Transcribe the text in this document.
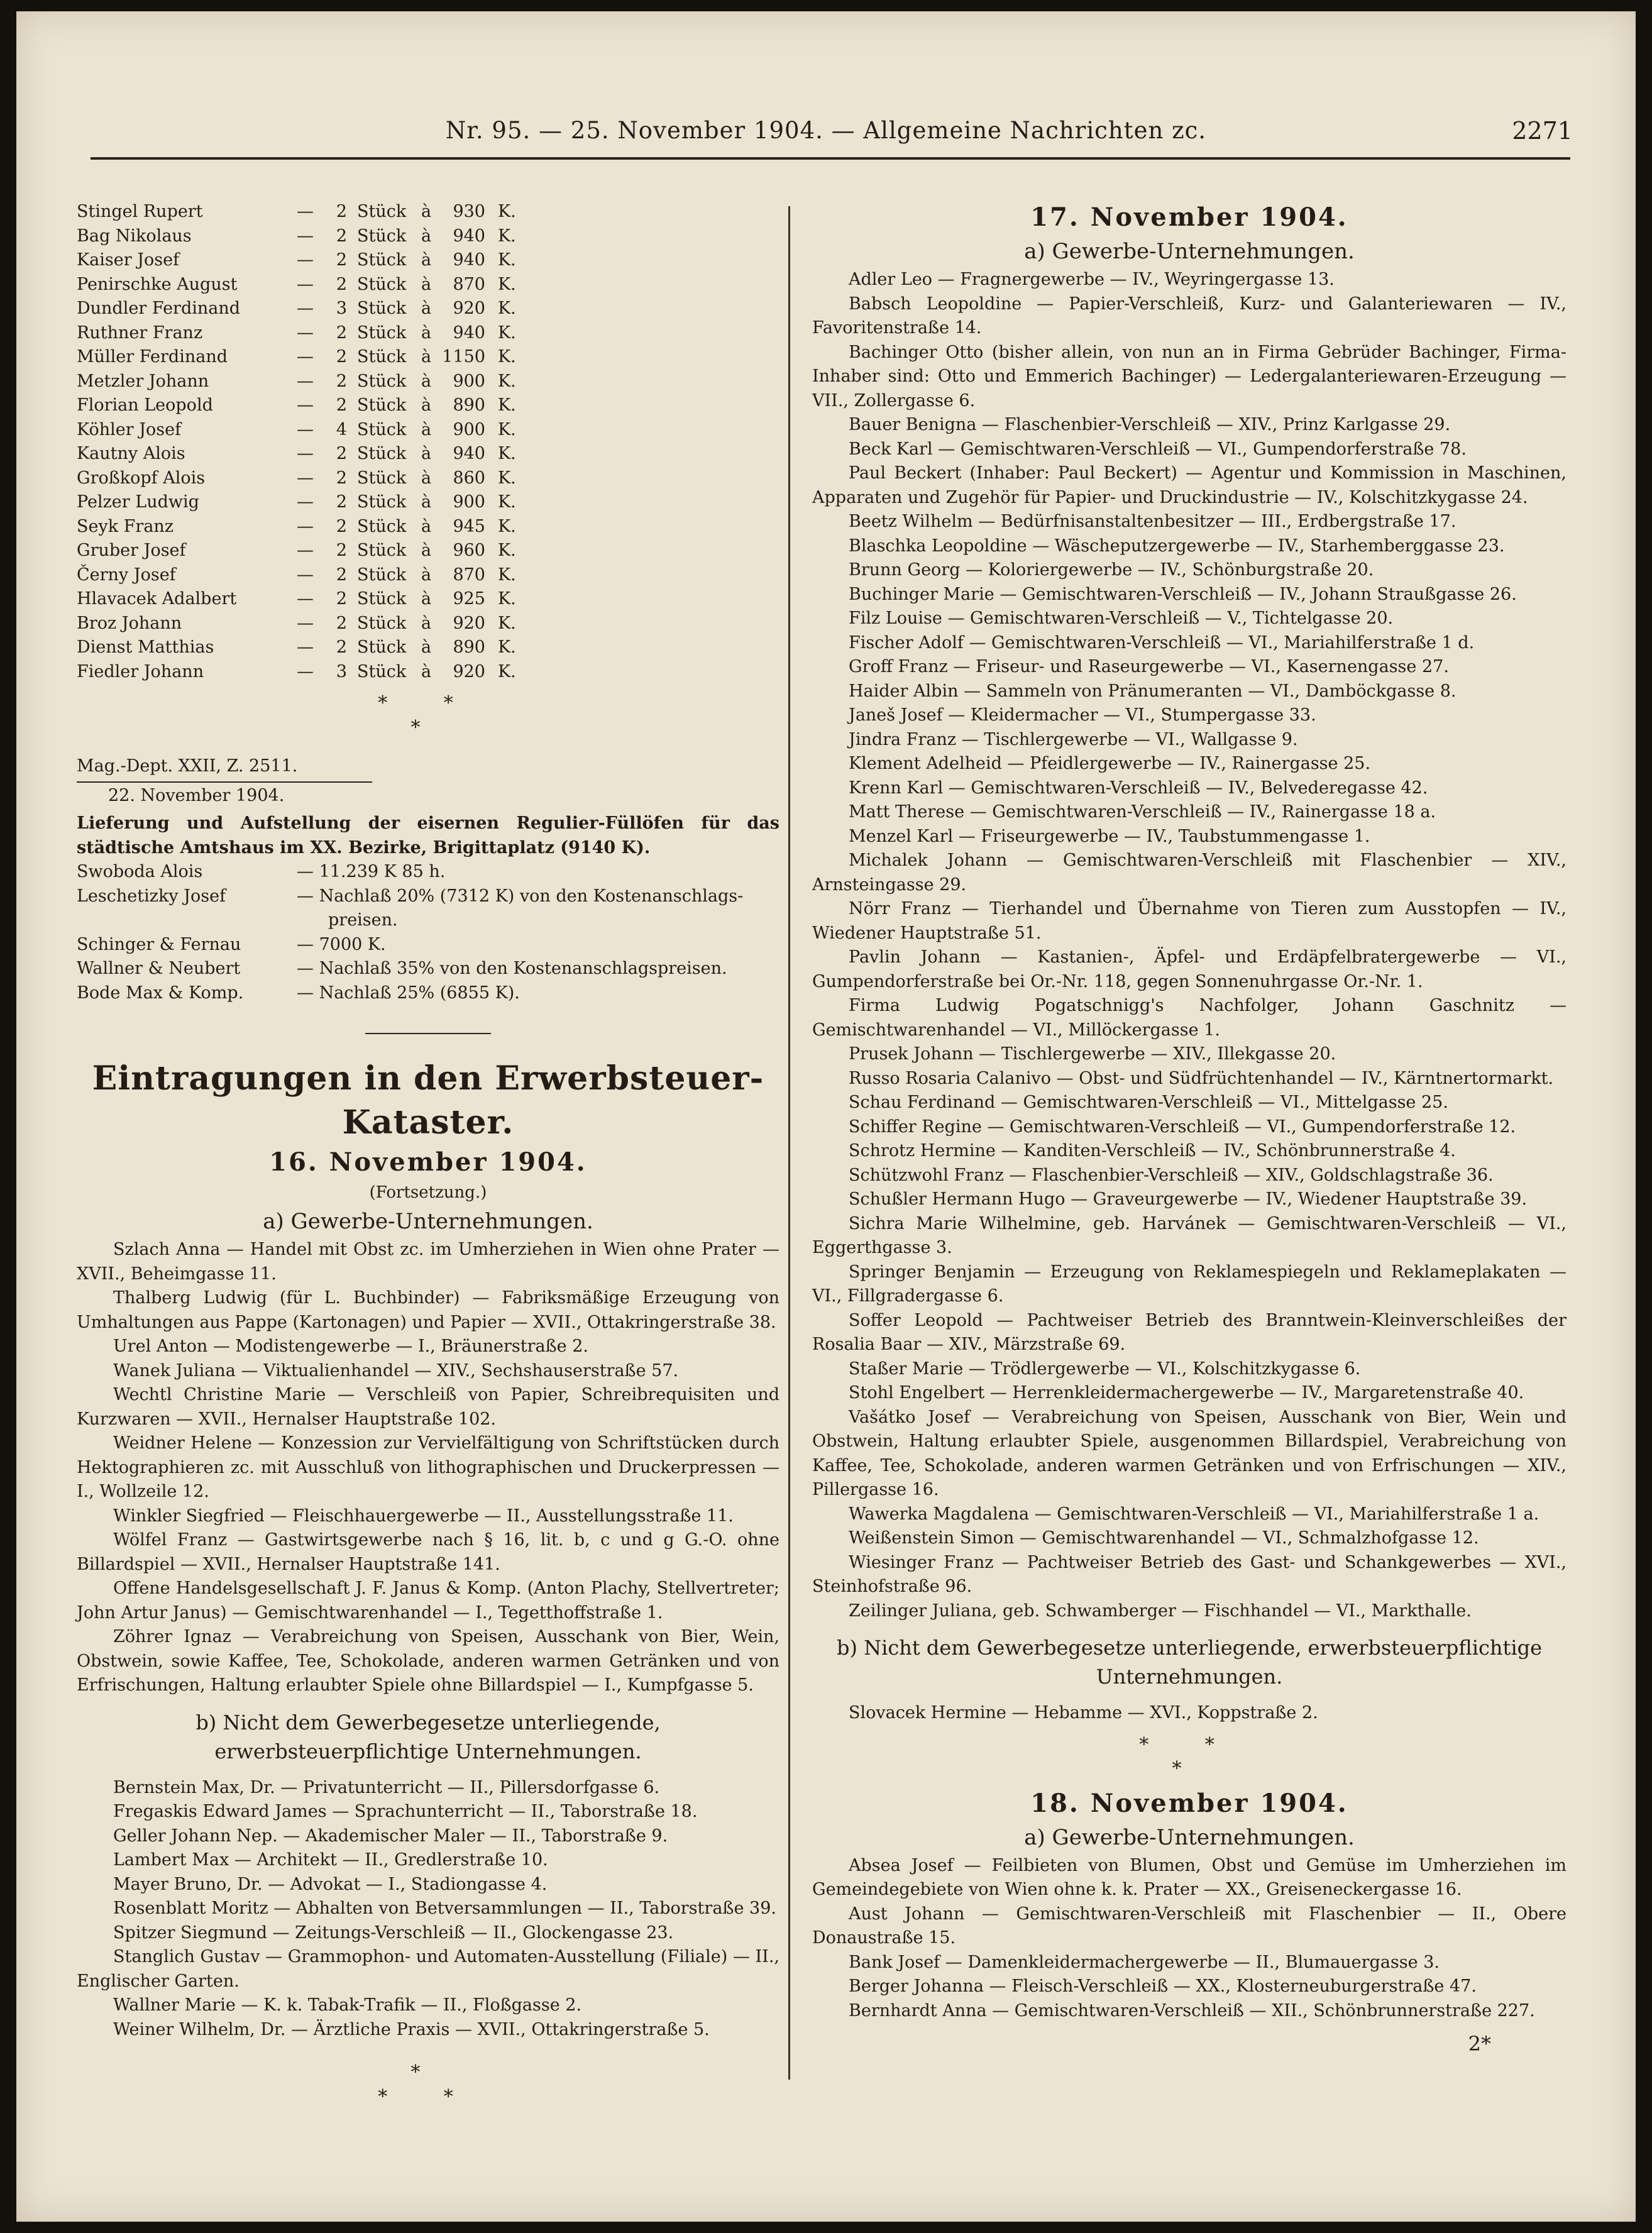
Nr. 95. — 25. November 1904. — Allgemeine Nachrichten zc.	2271
Stingel Rupert	—	2 Stück à	930 K.
Bag Nikolaus	—	2 Stück à	940 K.
Kaiser Josef	—	2 Stück à	940 K.
Penirschke August	—	2 Stück à	870 K.
Dundler Ferdinand	—	3 Stück à	920 K.
Ruthner Franz	—	2 Stück à	940 K.
Müller Ferdinand	—	2 Stück à 1150 K.
Metzler Johann	—	2 Stück à	900 K.
Florian Leopold	—	2 Stück à	890 K.
Köhler Josef	—	4 Stück à	900 K.
Kautny Alois	—	2 Stück à	940 K.
Großkopf Alois	—	2 Stück à	860 K.
Pelzer Ludwig	—	2 Stück à	900 K.
Seyk Franz	—	2 Stück à	945 K.
Gruber Josef	—	2 Stück à	960 K.
Černy Josef	—	2 Stück à	870 K.
Hlavacek Adalbert	—	2 Stück à	925 K.
Broz Johann	—	2 Stück à	920 K.
Dienst Matthias	—	2 Stück à	890 K.
Fiedler Johann	—	3 Stück à	920 K.
* *
*
Mag.-Dept. XXII, Z. 2511.
22. November 1904.
Lieferung und Aufstellung der eisernen Regulier-Füllöfen für das städtische Amtshaus im XX. Bezirke, Brigittaplatz (9140 K).
Swoboda Alois	— 11.239 K 85 h.
Leschetizky Josef	— Nachlaß 20% (7312 K) von den Kostenanschlags-
preisen.
Schinger & Fernau	— 7000 K.
Wallner & Neubert	— Nachlaß 35% von den Kostenanschlagspreisen.
Bode Max & Komp.	— Nachlaß 25% (6855 K).
Eintragungen in den Erwerbsteuer-Kataster.
16. November 1904.
(Fortsetzung.)
a) Gewerbe-Unternehmungen.
Szlach Anna — Handel mit Obst zc. im Umherziehen in Wien ohne Prater — XVII., Beheimgasse 11.
Thalberg Ludwig (für L. Buchbinder) — Fabriksmäßige Erzeugung von Umhaltungen aus Pappe (Kartonagen) und Papier — XVII., Ottakringerstraße 38.
Urel Anton — Modistengewerbe — I., Bräunerstraße 2.
Wanek Juliana — Viktualienhandel — XIV., Sechshauserstraße 57.
Wechtl Christine Marie — Verschleiß von Papier, Schreibrequisiten und Kurzwaren — XVII., Hernalser Hauptstraße 102.
Weidner Helene — Konzession zur Vervielfältigung von Schriftstücken durch Hektographieren zc. mit Ausschluß von lithographischen und Druckerpressen — I., Wollzeile 12.
Winkler Siegfried — Fleischhauergewerbe — II., Ausstellungsstraße 11.
Wölfel Franz — Gastwirtsgewerbe nach § 16, lit. b, c und g G.-O. ohne Billardspiel — XVII., Hernalser Hauptstraße 141.
Offene Handelsgesellschaft J. F. Janus & Komp. (Anton Plachy, Stellvertreter; John Artur Janus) — Gemischtwarenhandel — I., Tegetthoffstraße 1.
Zöhrer Ignaz — Verabreichung von Speisen, Ausschank von Bier, Wein, Obstwein, sowie Kaffee, Tee, Schokolade, anderen warmen Getränken und von Erfrischungen, Haltung erlaubter Spiele ohne Billardspiel — I., Kumpfgasse 5.
b) Nicht dem Gewerbegesetze unterliegende, erwerbsteuerpflichtige Unternehmungen.
Bernstein Max, Dr. — Privatunterricht — II., Pillersdorfgasse 6.
Fregaskis Edward James — Sprachunterricht — II., Taborstraße 18.
Geller Johann Nep. — Akademischer Maler — II., Taborstraße 9.
Lambert Max — Architekt — II., Gredlerstraße 10.
Mayer Bruno, Dr. — Advokat — I., Stadiongasse 4.
Rosenblatt Moritz — Abhalten von Betversammlungen — II., Taborstraße 39.
Spitzer Siegmund — Zeitungs-Verschleiß — II., Glockengasse 23.
Stanglich Gustav — Grammophon- und Automaten-Ausstellung (Filiale) — II., Englischer Garten.
Wallner Marie — K. k. Tabak-Trafik — II., Floßgasse 2.
Weiner Wilhelm, Dr. — Ärztliche Praxis — XVII., Ottakringerstraße 5.
*
* *
17. November 1904.
a) Gewerbe-Unternehmungen.
Adler Leo — Fragnergewerbe — IV., Weyringergasse 13.
Babsch Leopoldine — Papier-Verschleiß, Kurz- und Galanteriewaren — IV., Favoritenstraße 14.
Bachinger Otto (bisher allein, von nun an in Firma Gebrüder Bachinger, Firma-Inhaber sind: Otto und Emmerich Bachinger) — Ledergalanteriewaren-Erzeugung — VII., Zollergasse 6.
Bauer Benigna — Flaschenbier-Verschleiß — XIV., Prinz Karlgasse 29.
Beck Karl — Gemischtwaren-Verschleiß — VI., Gumpendorferstraße 78.
Paul Beckert (Inhaber: Paul Beckert) — Agentur und Kommission in Maschinen, Apparaten und Zugehör für Papier- und Druckindustrie — IV., Kolschitzkygasse 24.
Beetz Wilhelm — Bedürfnisanstaltenbesitzer — III., Erdbergstraße 17.
Blaschka Leopoldine — Wäscheputzergewerbe — IV., Starhemberggasse 23.
Brunn Georg — Koloriergewerbe — IV., Schönburgstraße 20.
Buchinger Marie — Gemischtwaren-Verschleiß — IV., Johann Straußgasse 26.
Filz Louise — Gemischtwaren-Verschleiß — V., Tichtelgasse 20.
Fischer Adolf — Gemischtwaren-Verschleiß — VI., Mariahilferstraße 1 d.
Groff Franz — Friseur- und Raseurgewerbe — VI., Kasernengasse 27.
Haider Albin — Sammeln von Pränumeranten — VI., Damböckgasse 8.
Janeš Josef — Kleidermacher — VI., Stumpergasse 33.
Jindra Franz — Tischlergewerbe — VI., Wallgasse 9.
Klement Adelheid — Pfeidlergewerbe — IV., Rainergasse 25.
Krenn Karl — Gemischtwaren-Verschleiß — IV., Belvederegasse 42.
Matt Therese — Gemischtwaren-Verschleiß — IV., Rainergasse 18 a.
Menzel Karl — Friseurgewerbe — IV., Taubstummengasse 1.
Michalek Johann — Gemischtwaren-Verschleiß mit Flaschenbier — XIV., Arnsteingasse 29.
Nörr Franz — Tierhandel und Übernahme von Tieren zum Ausstopfen — IV., Wiedener Hauptstraße 51.
Pavlin Johann — Kastanien-, Äpfel- und Erdäpfelbratergewerbe — VI., Gumpendorferstraße bei Or.-Nr. 118, gegen Sonnenuhrgasse Or.-Nr. 1.
Firma Ludwig Pogatschnigg's Nachfolger, Johann Gaschnitz — Gemischtwarenhandel — VI., Millöckergasse 1.
Prusek Johann — Tischlergewerbe — XIV., Illekgasse 20.
Russo Rosaria Calanivo — Obst- und Südfrüchtenhandel — IV., Kärntnertormarkt.
Schau Ferdinand — Gemischtwaren-Verschleiß — VI., Mittelgasse 25.
Schiffer Regine — Gemischtwaren-Verschleiß — VI., Gumpendorferstraße 12.
Schrotz Hermine — Kanditen-Verschleiß — IV., Schönbrunnerstraße 4.
Schützwohl Franz — Flaschenbier-Verschleiß — XIV., Goldschlagstraße 36.
Schußler Hermann Hugo — Graveurgewerbe — IV., Wiedener Hauptstraße 39.
Sichra Marie Wilhelmine, geb. Harvánek — Gemischtwaren-Verschleiß — VI., Eggerthgasse 3.
Springer Benjamin — Erzeugung von Reklamespiegeln und Reklameplakaten — VI., Fillgradergasse 6.
Soffer Leopold — Pachtweiser Betrieb des Branntwein-Kleinverschleißes der Rosalia Baar — XIV., Märzstraße 69.
Staßer Marie — Trödlergewerbe — VI., Kolschitzkygasse 6.
Stohl Engelbert — Herrenkleidermachergewerbe — IV., Margaretenstraße 40.
Vašátko Josef — Verabreichung von Speisen, Ausschank von Bier, Wein und Obstwein, Haltung erlaubter Spiele, ausgenommen Billardspiel, Verabreichung von Kaffee, Tee, Schokolade, anderen warmen Getränken und von Erfrischungen — XIV., Pillergasse 16.
Wawerka Magdalena — Gemischtwaren-Verschleiß — VI., Mariahilferstraße 1 a.
Weißenstein Simon — Gemischtwarenhandel — VI., Schmalzhofgasse 12.
Wiesinger Franz — Pachtweiser Betrieb des Gast- und Schankgewerbes — XVI., Steinhofstraße 96.
Zeilinger Juliana, geb. Schwamberger — Fischhandel — VI., Markthalle.
b) Nicht dem Gewerbegesetze unterliegende, erwerbsteuerpflichtige Unternehmungen.
Slovacek Hermine — Hebamme — XVI., Koppstraße 2.
* *
*
18. November 1904.
a) Gewerbe-Unternehmungen.
Absea Josef — Feilbieten von Blumen, Obst und Gemüse im Umherziehen im Gemeindegebiete von Wien ohne k. k. Prater — XX., Greiseneckergasse 16.
Aust Johann — Gemischtwaren-Verschleiß mit Flaschenbier — II., Obere Donaustraße 15.
Bank Josef — Damenkleidermachergewerbe — II., Blumauergasse 3.
Berger Johanna — Fleisch-Verschleiß — XX., Klosterneuburgerstraße 47.
Bernhardt Anna — Gemischtwaren-Verschleiß — XII., Schönbrunnerstraße 227.
2*
